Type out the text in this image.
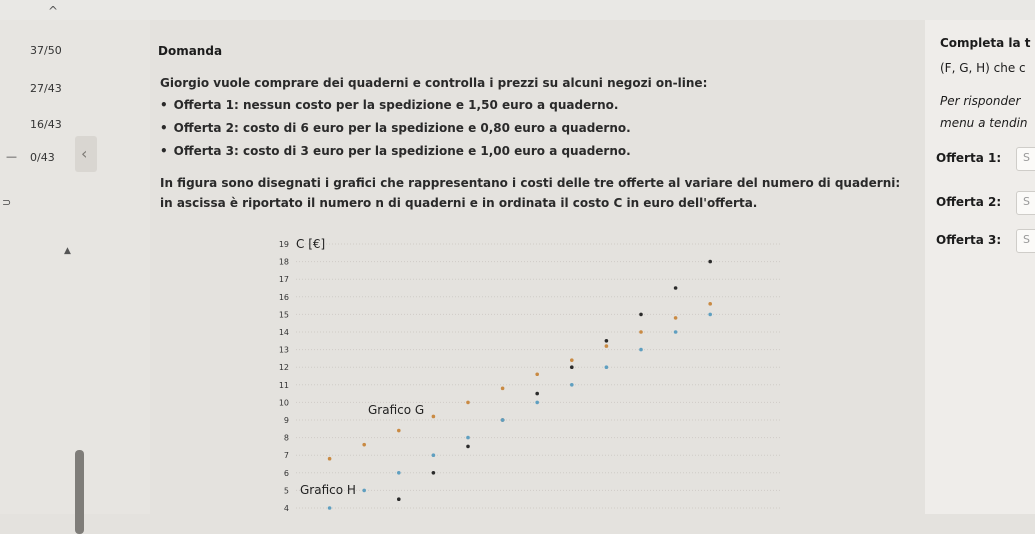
^
‹
▲
37/50
27/43
16/43
0/43
—
⊃
Domanda
Giorgio vuole comprare dei quaderni e controlla i prezzi su alcuni negozi on-line:
• Offerta 1: nessun costo per la spedizione e 1,50 euro a quaderno.
• Offerta 2: costo di 6 euro per la spedizione e 0,80 euro a quaderno.
• Offerta 3: costo di 3 euro per la spedizione e 1,00 euro a quaderno.
In figura sono disegnati i grafici che rappresentano i costi delle tre offerte al variare del numero di quaderni:
in ascissa è riportato il numero n di quaderni e in ordinata il costo C in euro dell'offerta.
Completa la t
(F, G, H) che c
Per risponder
menu a tendin
Offerta 1:
Offerta 2:
Offerta 3:
S
S
S
4
5
6
7
8
9
10
11
12
13
14
15
16
17
18
19 C [€]
Grafico G
Grafico H
